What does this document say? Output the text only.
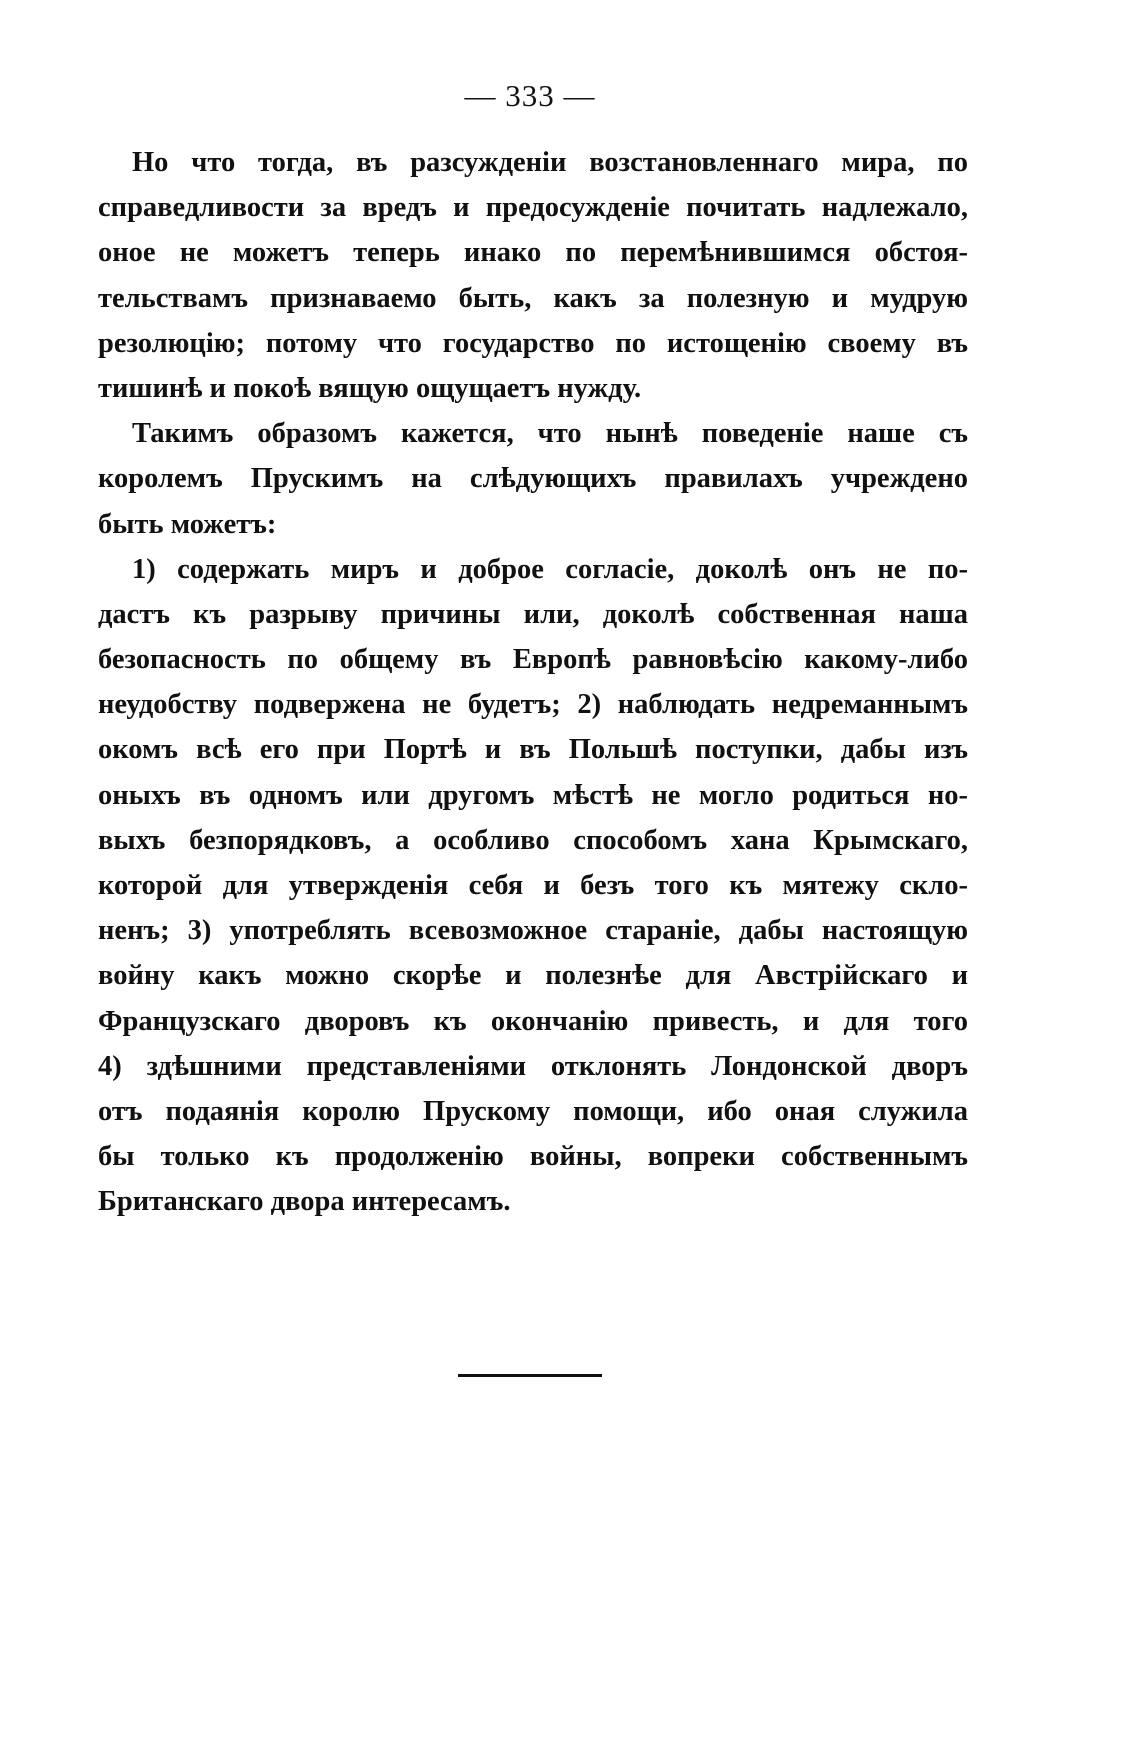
— 333 —
Но что тогда, въ разсужденіи возстановленнаго мира, по
справедливости за вредъ и предосужденіе почитать надлежало,
оное не можетъ теперь инако по перемѣнившимся обстоя-
тельствамъ признаваемо быть, какъ за полезную и мудрую
резолюцію; потому что государство по истощенію своему въ
тишинѣ и покоѣ вящую ощущаетъ нужду.
Такимъ образомъ кажется, что нынѣ поведеніе наше съ
королемъ Прускимъ на слѣдующихъ правилахъ учреждено
быть можетъ:
1) содержать миръ и доброе согласіе, доколѣ онъ не по-
дастъ къ разрыву причины или, доколѣ собственная наша
безопасность по общему въ Европѣ равновѣсію какому-либо
неудобству подвержена не будетъ; 2) наблюдать недреманнымъ
окомъ всѣ его при Портѣ и въ Польшѣ поступки, дабы изъ
оныхъ въ одномъ или другомъ мѣстѣ не могло родиться но-
выхъ безпорядковъ, а особливо способомъ хана Крымскаго,
которой для утвержденія себя и безъ того къ мятежу скло-
ненъ; 3) употреблять всевозможное стараніе, дабы настоящую
войну какъ можно скорѣе и полезнѣе для Австрійскаго и
Французскаго дворовъ къ окончанію привесть, и для того
4) здѣшними представленіями отклонять Лондонской дворъ
отъ подаянія королю Прускому помощи, ибо оная служила
бы только къ продолженію войны, вопреки собственнымъ
Британскаго двора интересамъ.
